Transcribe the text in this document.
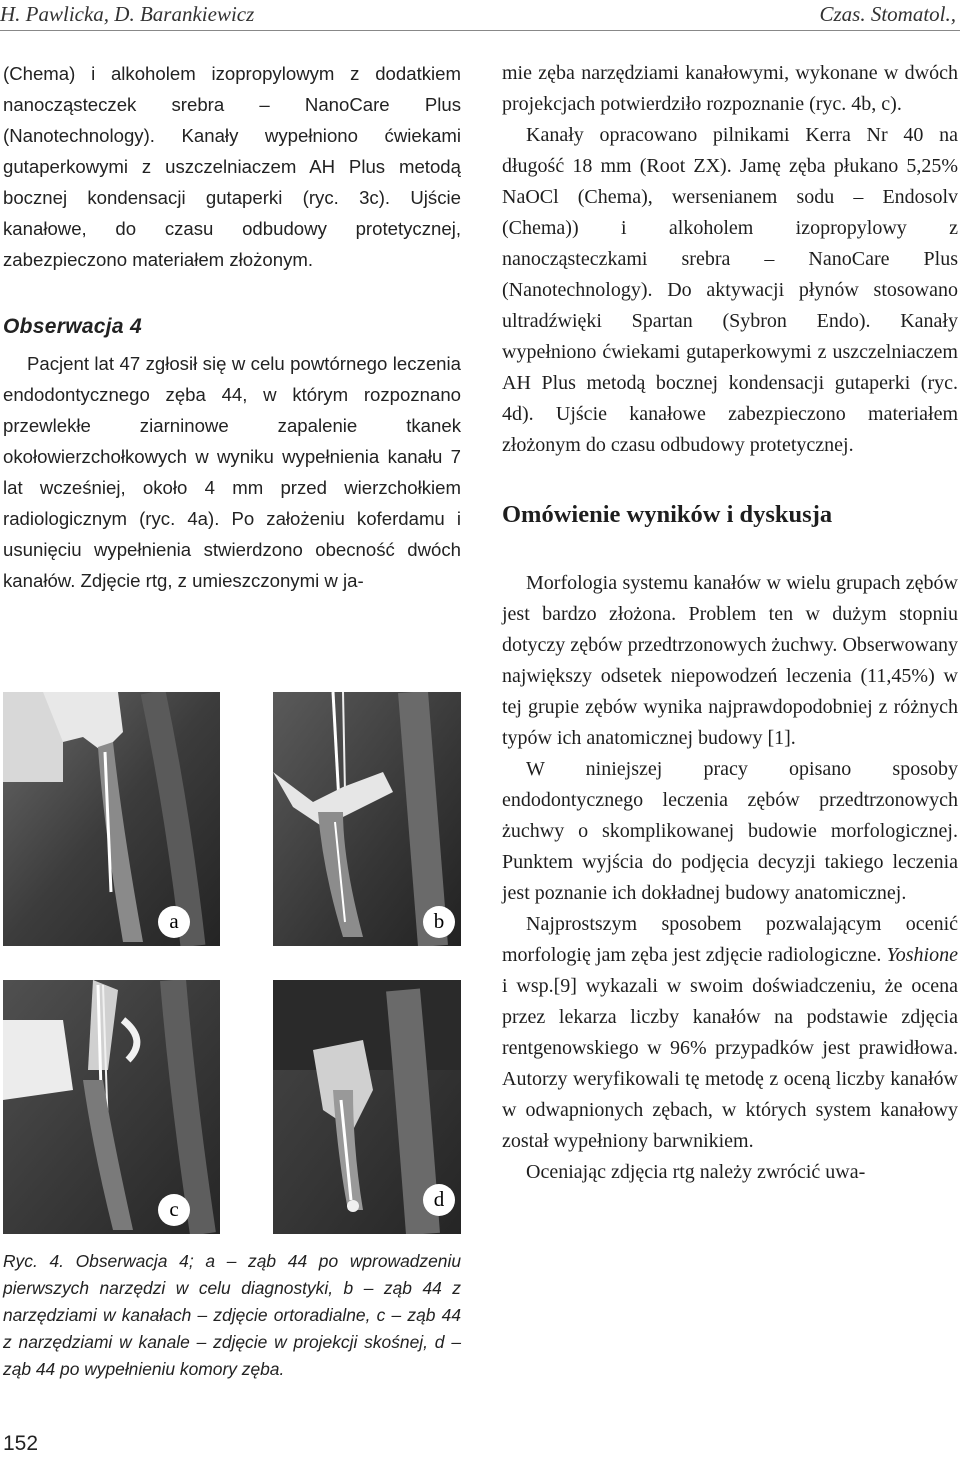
H. Pawlicka, D. Barankiewicz	Czas. Stomatol.,

(Chema) i alkoholem izopropylowym z dodatkiem nanocząsteczek srebra – NanoCare Plus (Nanotechnology). Kanały wypełniono ćwiekami gutaperkowymi z uszczelniaczem AH Plus metodą bocznej kondensacji gutaperki (ryc. 3c). Ujście kanałowe, do czasu odbudowy protetycznej, zabezpieczono materiałem złożonym.

Obserwacja 4

Pacjent lat 47 zgłosił się w celu powtórnego leczenia endodontycznego zęba 44, w którym rozpoznano przewlekłe ziarninowe zapalenie tkanek okołowierzchołkowych w wyniku wypełnienia kanału 7 lat wcześniej, około 4 mm przed wierzchołkiem radiologicznym (ryc. 4a). Po założeniu koferdamu i usunięciu wypełnienia stwierdzono obecność dwóch kanałów. Zdjęcie rtg, z umieszczonymi w ja-

a	b
c	d
Ryc. 4. Obserwacja 4; a – ząb 44 po wprowadzeniu pierwszych narzędzi w celu diagnostyki, b – ząb 44 z narzędziami w kanałach – zdjęcie ortoradialne, c – ząb 44 z narzędziami w kanale – zdjęcie w projekcji skośnej, d – ząb 44 po wypełnieniu komory zęba.

mie zęba narzędziami kanałowymi, wykonane w dwóch projekcjach potwierdziło rozpoznanie (ryc. 4b, c).

Kanały opracowano pilnikami Kerra Nr 40 na długość 18 mm (Root ZX). Jamę zęba płukano 5,25% NaOCl (Chema), wersenianem sodu – Endosolv (Chema)) i alkoholem izopropylowy z nanocząsteczkami srebra – NanoCare Plus (Nanotechnology). Do aktywacji płynów stosowano ultradźwięki Spartan (Sybron Endo). Kanały wypełniono ćwiekami gutaperkowymi z uszczelniaczem AH Plus metodą bocznej kondensacji gutaperki (ryc. 4d). Ujście kanałowe zabezpieczono materiałem złożonym do czasu odbudowy protetycznej.

Omówienie wyników i dyskusja

Morfologia systemu kanałów w wielu grupach zębów jest bardzo złożona. Problem ten w dużym stopniu dotyczy zębów przedtrzonowych żuchwy. Obserwowany największy odsetek niepowodzeń leczenia (11,45%) w tej grupie zębów wynika najprawdopodobniej z różnych typów ich anatomicznej budowy [1].

W niniejszej pracy opisano sposoby endodontycznego leczenia zębów przedtrzonowych żuchwy o skomplikowanej budowie morfologicznej. Punktem wyjścia do podjęcia decyzji takiego leczenia jest poznanie ich dokładnej budowy anatomicznej.

Najprostszym sposobem pozwalającym ocenić morfologię jam zęba jest zdjęcie radiologiczne. Yoshione i wsp.[9] wykazali w swoim doświadczeniu, że ocena przez lekarza liczby kanałów na podstawie zdjęcia rentgenowskiego w 96% przypadków jest prawidłowa. Autorzy weryfikowali tę metodę z oceną liczby kanałów w odwapnionych zębach, w których system kanałowy został wypełniony barwnikiem.

Oceniając zdjęcia rtg należy zwrócić uwa-

152
